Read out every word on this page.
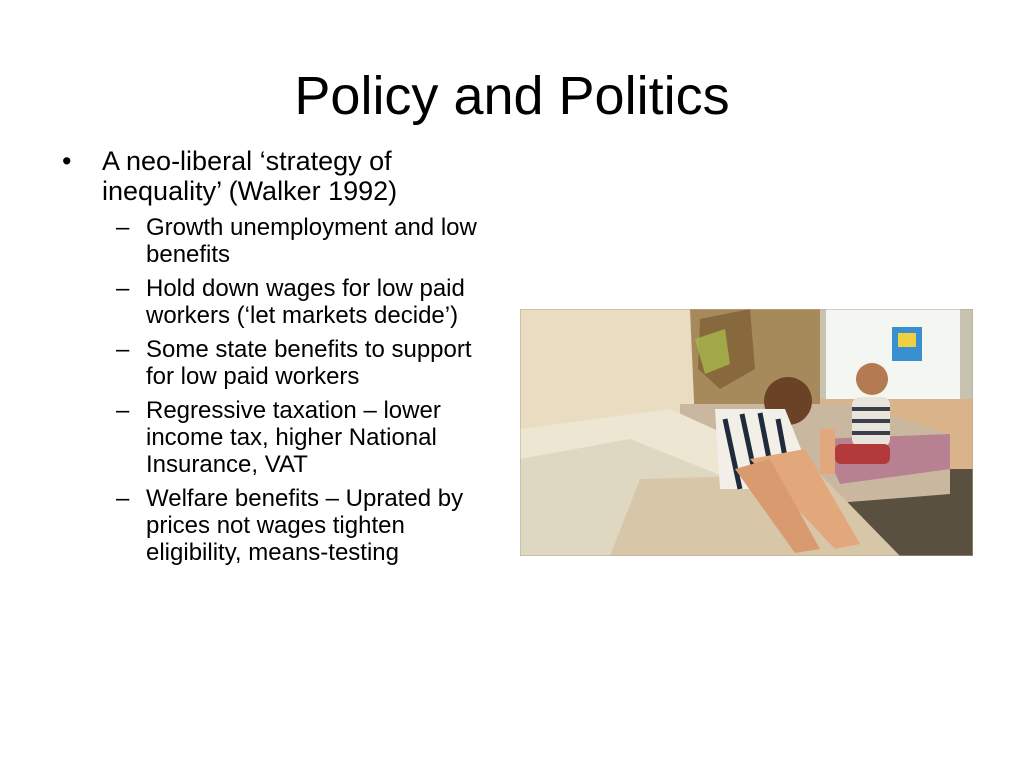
Policy and Politics
• A neo-liberal ‘strategy of inequality’ (Walker 1992)
– Growth unemployment and low benefits
– Hold down wages for low paid workers (‘let markets decide’)
– Some state benefits to support for low paid workers
– Regressive taxation – lower income tax, higher National Insurance, VAT
– Welfare benefits – Uprated by prices not wages tighten eligibility, means-testing
